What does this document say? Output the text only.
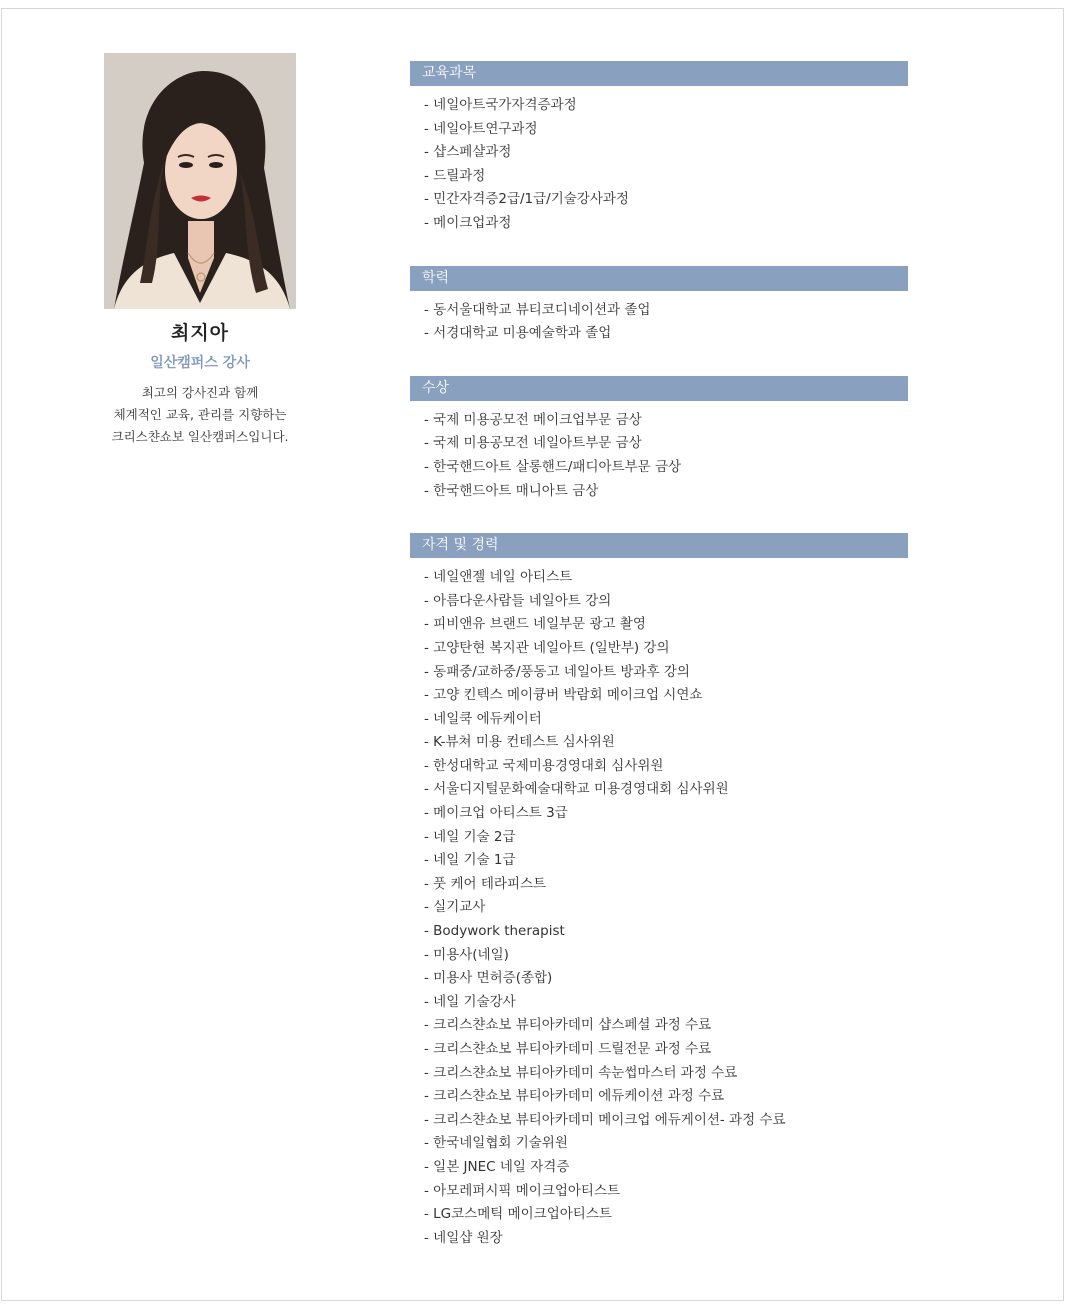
최지아
일산캠퍼스 강사
최고의 강사진과 함께
체계적인 교육, 관리를 지향하는
크리스챤쇼보 일산캠퍼스입니다.
교육과목
- 네일아트국가자격증과정
- 네일아트연구과정
- 샵스페샬과정
- 드릴과정
- 민간자격증2급/1급/기술강사과정
- 메이크업과정
학력
- 동서울대학교 뷰티코디네이션과 졸업
- 서경대학교 미용예술학과 졸업
수상
- 국제 미용공모전 메이크업부문 금상
- 국제 미용공모전 네일아트부문 금상
- 한국핸드아트 살롱핸드/패디아트부문 금상
- 한국핸드아트 매니아트 금상
자격 및 경력
- 네일앤젤 네일 아티스트
- 아름다운사람들 네일아트 강의
- 피비앤유 브랜드 네일부문 광고 촬영
- 고양탄현 복지관 네일아트 (일반부) 강의
- 동패중/교하중/풍동고 네일아트 방과후 강의
- 고양 킨텍스 메이큥버 박람회 메이크업 시연쇼
- 네일쿡 에듀케이터
- K-뷰쳐 미용 컨테스트 심사위원
- 한성대학교 국제미용경영대회 심사위원
- 서울디지털문화예술대학교 미용경영대회 심사위원
- 메이크업 아티스트 3급
- 네일 기술 2급
- 네일 기술 1급
- 풋 케어 테라피스트
- 실기교사
- Bodywork therapist
- 미용사(네일)
- 미용사 면허증(종합)
- 네일 기술강사
- 크리스챤쇼보 뷰티아카데미 샵스페셜 과정 수료
- 크리스챤쇼보 뷰티아카데미 드릴전문 과정 수료
- 크리스챤쇼보 뷰티아카데미 속눈썹마스터 과정 수료
- 크리스챤쇼보 뷰티아카데미 에듀케이션 과정 수료
- 크리스챤쇼보 뷰티아카데미 메이크업 에듀게이션- 과정 수료
- 한국네일협회 기술위원
- 일본 JNEC 네일 자격증
- 아모레퍼시픽 메이크업아티스트
- LG코스메틱 메이크업아티스트
- 네일샵 원장
